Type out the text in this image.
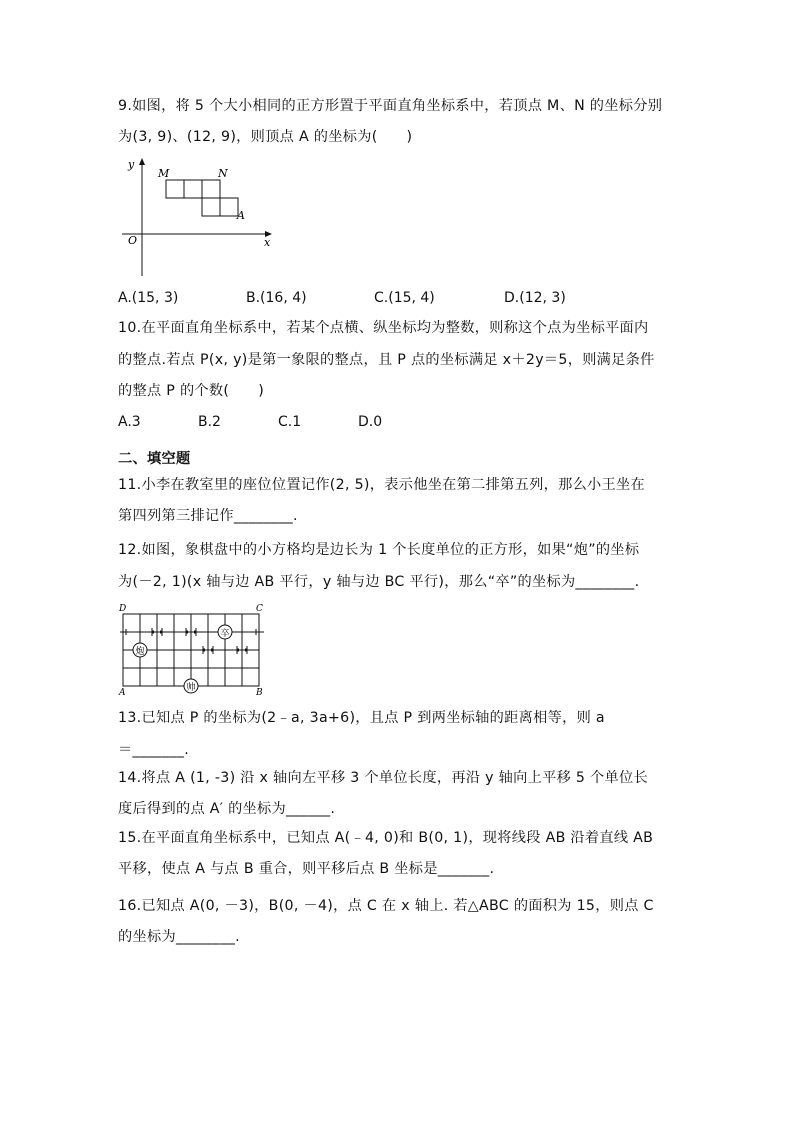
9.如图，将 5 个大小相同的正方形置于平面直角坐标系中，若顶点 M、N 的坐标分别
为(3, 9)、(12, 9)，则顶点 A 的坐标为(　　)
y
x
O
M	N
A
A.(15, 3)	B.(16, 4)	C.(15, 4)	D.(12, 3)
10.在平面直角坐标系中，若某个点横、纵坐标均为整数，则称这个点为坐标平面内
的整点.若点 P(x, y)是第一象限的整点，且 P 点的坐标满足 x＋2y＝5，则满足条件
的整点 P 的个数(　　)
A.3	B.2	C.1	D.0
二、填空题
11.小李在教室里的座位位置记作(2, 5)，表示他坐在第二排第五列，那么小王坐在
第四列第三排记作________.
12.如图，象棋盘中的小方格均是边长为 1 个长度单位的正方形，如果“炮”的坐标
为(－2, 1)(x 轴与边 AB 平行，y 轴与边 BC 平行)，那么“卒”的坐标为________.
D	C
A	B
炮
卒
帅
13.已知点 P 的坐标为(2﹣a, 3a+6)，且点 P 到两坐标轴的距离相等，则 a
＝_______.
14.将点 A (1, -3) 沿 x 轴向左平移 3 个单位长度，再沿 y 轴向上平移 5 个单位长
度后得到的点 A′ 的坐标为______.
15.在平面直角坐标系中，已知点 A(﹣4, 0)和 B(0, 1)，现将线段 AB 沿着直线 AB
平移，使点 A 与点 B 重合，则平移后点 B 坐标是_______.
16.已知点 A(0, －3)，B(0, －4)，点 C 在 x 轴上. 若△ABC 的面积为 15，则点 C
的坐标为________.
